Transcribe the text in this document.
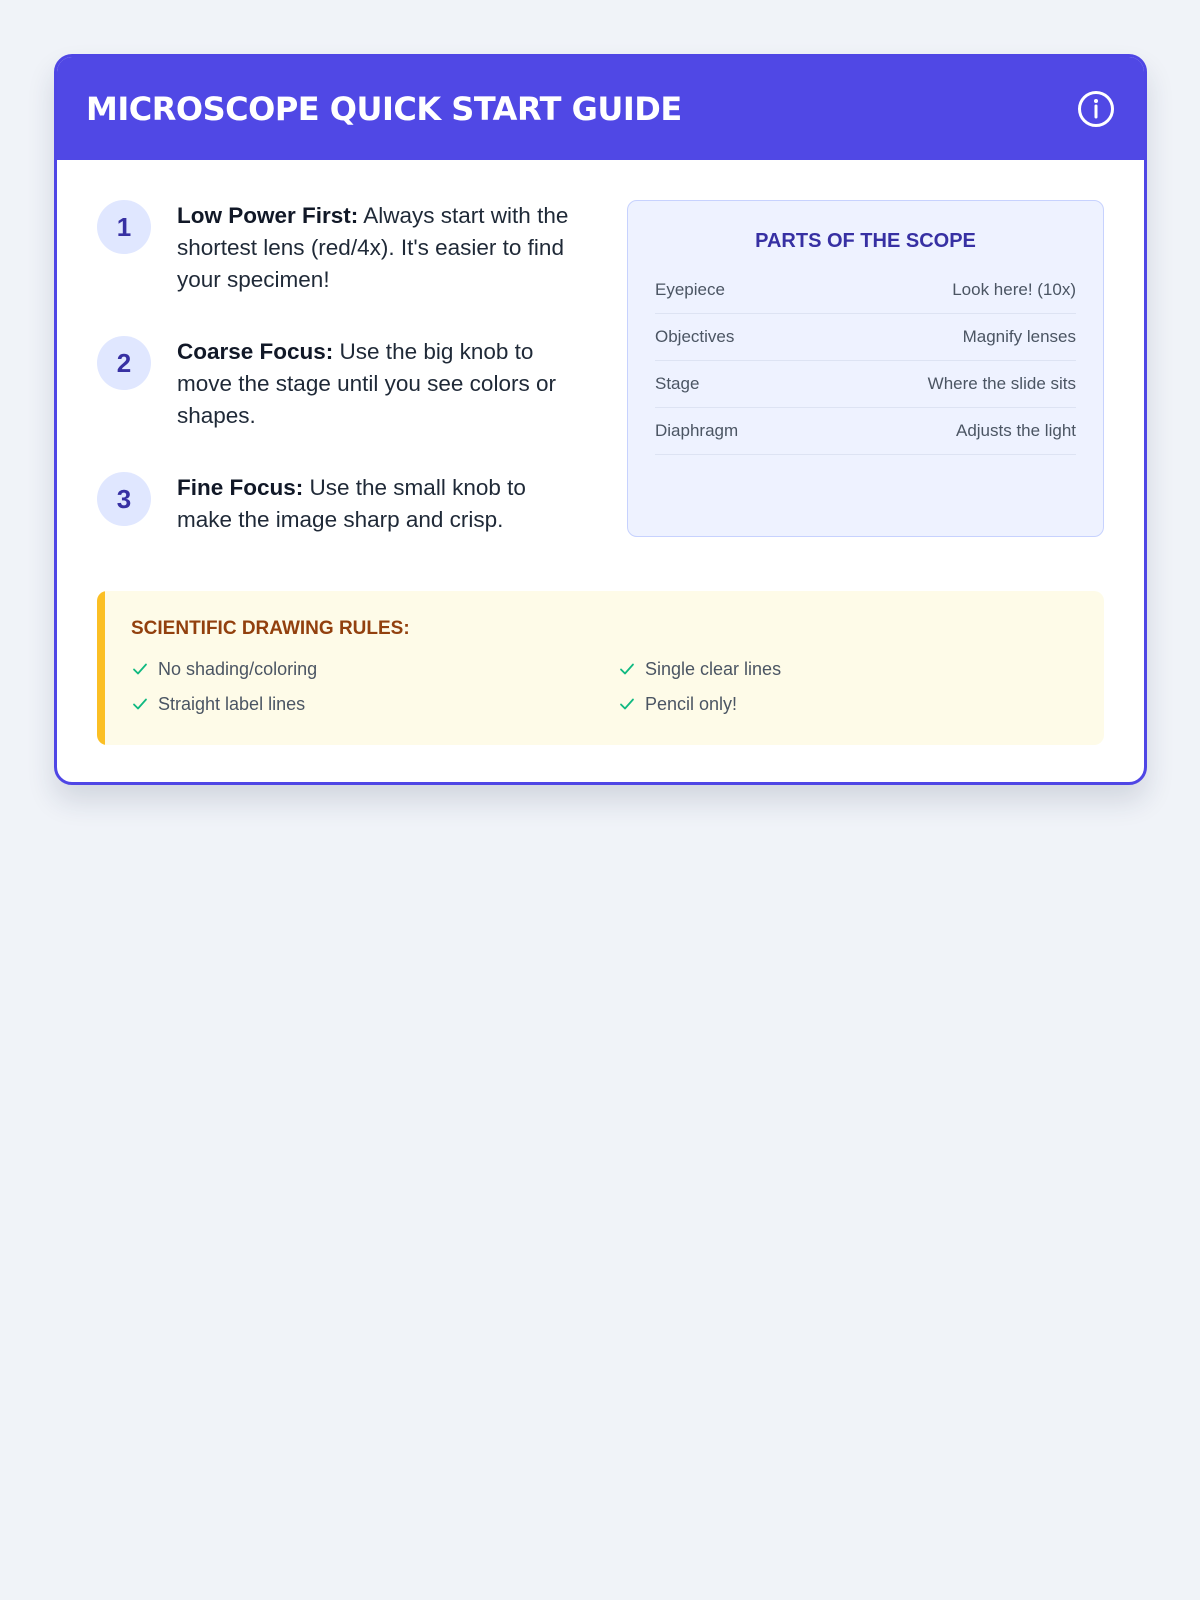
MICROSCOPE QUICK START GUIDE
1	Low Power First: Always start with the shortest lens (red/4x). It's easier to find your specimen!

2	Coarse Focus: Use the big knob to move the stage until you see colors or shapes.

3	Fine Focus: Use the small knob to make the image sharp and crisp.

PARTS OF THE SCOPE
Eyepiece	Look here! (10x)
Objectives	Magnify lenses
Stage	Where the slide sits
Diaphragm	Adjusts the light
SCIENTIFIC DRAWING RULES:
No shading/coloring	Single clear lines
Straight label lines	Pencil only!
